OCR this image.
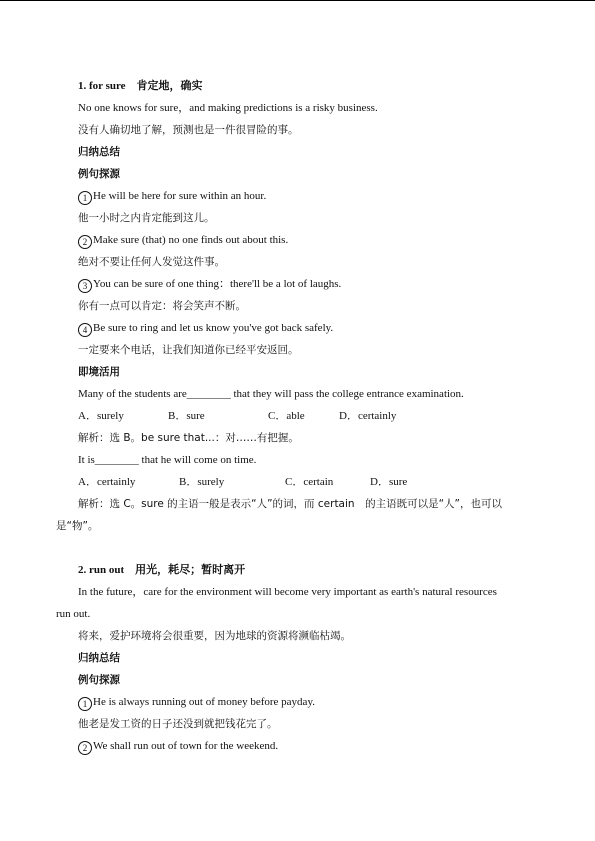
1. for sure　肯定地，确实
No one knows for sure，and making predictions is a risky business.
没有人确切地了解，预测也是一件很冒险的事。
归纳总结
例句探源
1 He will be here for sure within an hour.
他一小时之内肯定能到这儿。
2 Make sure (that) no one finds out about this.
绝对不要让任何人发觉这件事。
3 You can be sure of one thing：there'll be a lot of laughs.
你有一点可以肯定：将会笑声不断。
4 Be sure to ring and let us know you've got back safely.
一定要来个电话，让我们知道你已经平安返回。
即境活用
Many of the students are________ that they will pass the college entrance examination.
A．surely	B．sure	C．able	D．certainly
解析：选 B。be sure that...：对……有把握。
It is________ that he will come on time.
A．certainly	B．surely	C．certain	D．sure
解析：选 C。sure 的主语一般是表示“人”的词，而 certain　的主语既可以是“人”，也可以
是“物”。
2. run out　用光，耗尽；暂时离开
In the future，care for the environment will become very important as earth's natural resources
run out.
将来，爱护环境将会很重要，因为地球的资源将濒临枯竭。
归纳总结
例句探源
1 He is always running out of money before payday.
他老是发工资的日子还没到就把钱花完了。
2 We shall run out of town for the weekend.
